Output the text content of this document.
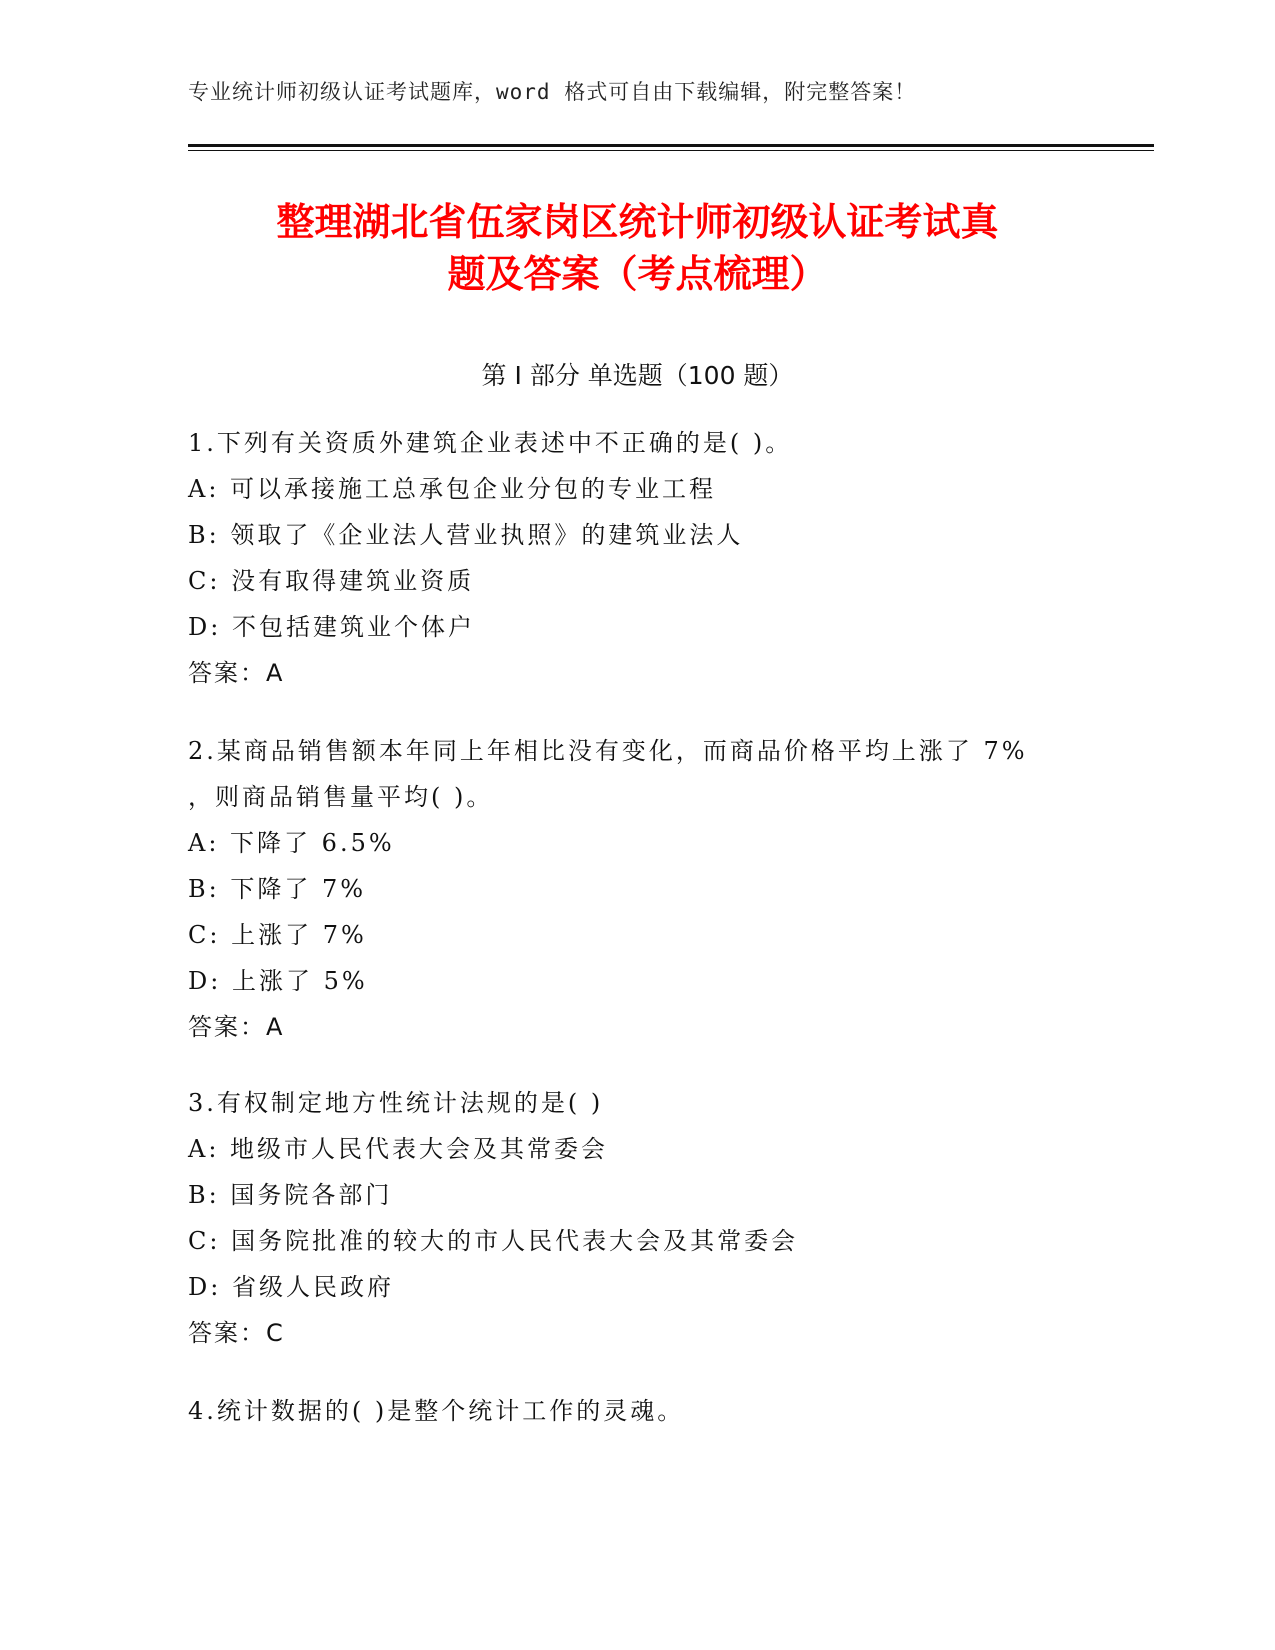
专业统计师初级认证考试题库，word 格式可自由下载编辑，附完整答案！
整理湖北省伍家岗区统计师初级认证考试真
题及答案（考点梳理）
第 I 部分 单选题（100 题）
1.下列有关资质外建筑企业表述中不正确的是( )。
A: 可以承接施工总承包企业分包的专业工程
B: 领取了《企业法人营业执照》的建筑业法人
C: 没有取得建筑业资质
D: 不包括建筑业个体户
答案：A
2.某商品销售额本年同上年相比没有变化，而商品价格平均上涨了 7%
，则商品销售量平均( )。
A: 下降了 6.5%
B: 下降了 7%
C: 上涨了 7%
D: 上涨了 5%
答案：A
3.有权制定地方性统计法规的是( )
A: 地级市人民代表大会及其常委会
B: 国务院各部门
C: 国务院批准的较大的市人民代表大会及其常委会
D: 省级人民政府
答案：C
4.统计数据的( )是整个统计工作的灵魂。
